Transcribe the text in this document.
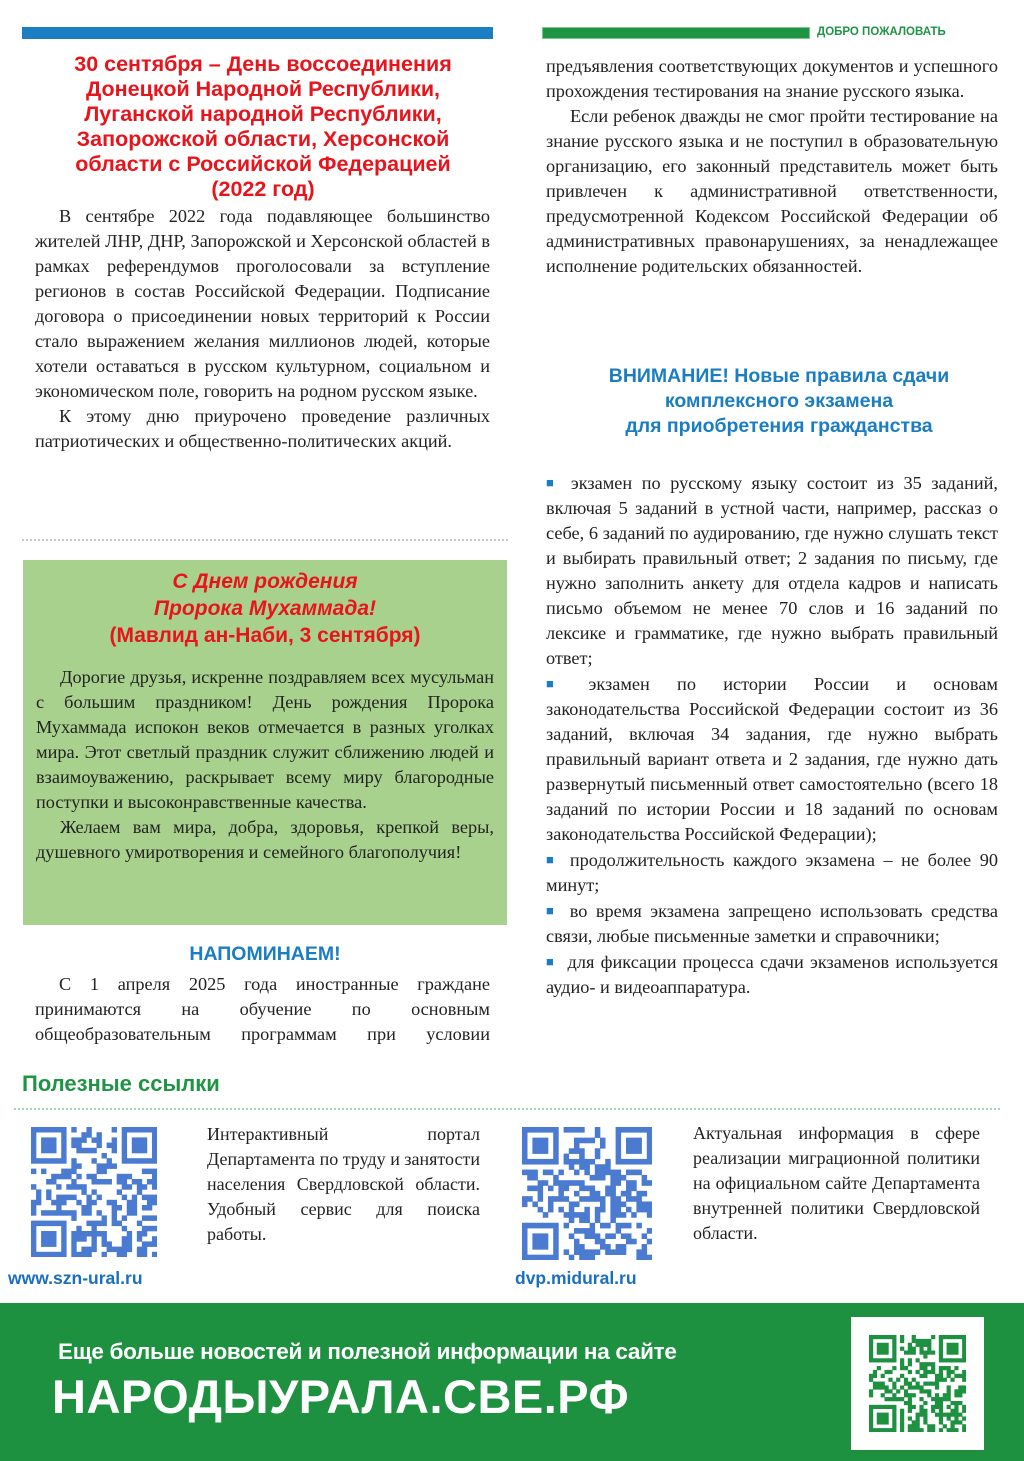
ДОБРО ПОЖАЛОВАТЬ
30 сентября – День воссоединения
Донецкой Народной Республики,
Луганской народной Республики,
Запорожской области, Херсонской
области с Российской Федерацией
(2022 год)

В сентябре 2022 года подавляющее большинство жителей ЛНР, ДНР, Запорожской и Херсонской областей в рамках референдумов проголосовали за вступление регионов в состав Российской Федерации. Подписание договора о присоединении новых территорий к России стало выражением желания миллионов людей, которые хотели оставаться в русском культурном, социальном и экономическом поле, говорить на родном русском языке.

К этому дню приурочено проведение различных патриотических и общественно-политических акций.

С Днем рождения
Пророка Мухаммада!
(Мавлид ан-Наби, 3 сентября)

Дорогие друзья, искренне поздравляем всех мусульман с большим праздником! День рождения Пророка Мухаммада испокон веков отмечается в разных уголках мира. Этот светлый праздник служит сближению людей и взаимоуважению, раскрывает всему миру благородные поступки и высоконравственные качества.

Желаем вам мира, добра, здоровья, крепкой веры, душевного умиротворения и семейного благополучия!

НАПОМИНАЕМ!

С 1 апреля 2025 года иностранные граждане принимаются на обучение по основным общеобразовательным программам при условии

предъявления соответствующих документов и успешного прохождения тестирования на знание русского языка.

Если ребенок дважды не смог пройти тестирование на знание русского языка и не поступил в образовательную организацию, его законный представитель может быть привлечен к административной ответственности, предусмотренной Кодексом Российской Федерации об административных правонарушениях, за ненадлежащее исполнение родительских обязанностей.

ВНИМАНИЕ! Новые правила сдачи
комплексного экзамена
для приобретения гражданства

■ экзамен по русскому языку состоит из 35 заданий, включая 5 заданий в устной части, например, рассказ о себе, 6 заданий по аудированию, где нужно слушать текст и выбирать правильный ответ; 2 задания по письму, где нужно заполнить анкету для отдела кадров и написать письмо объемом не менее 70 слов и 16 заданий по лексике и грамматике, где нужно выбрать правильный ответ;

■ экзамен по истории России и основам законодательства Российской Федерации состоит из 36 заданий, включая 34 задания, где нужно выбрать правильный вариант ответа и 2 задания, где нужно дать развернутый письменный ответ самостоятельно (всего 18 заданий по истории России и 18 заданий по основам законодательства Российской Федерации);

■ продолжительность каждого экзамена – не более 90 минут;

■ во время экзамена запрещено использовать средства связи, любые письменные заметки и справочники;

■ для фиксации процесса сдачи экзаменов используется аудио- и видеоаппаратура.

Полезные ссылки
www.szn-ural.ru
Интерактивный портал Департамента по труду и занятости населения Свердловской области. Удобный сервис для поиска работы.
dvp.midural.ru
Актуальная информация в сфере реализации миграционной политики на официальном сайте Департамента внутренней политики Свердловской области.
Еще больше новостей и полезной информации на сайте
НАРОДЫУРАЛА.СВЕ.РФ
